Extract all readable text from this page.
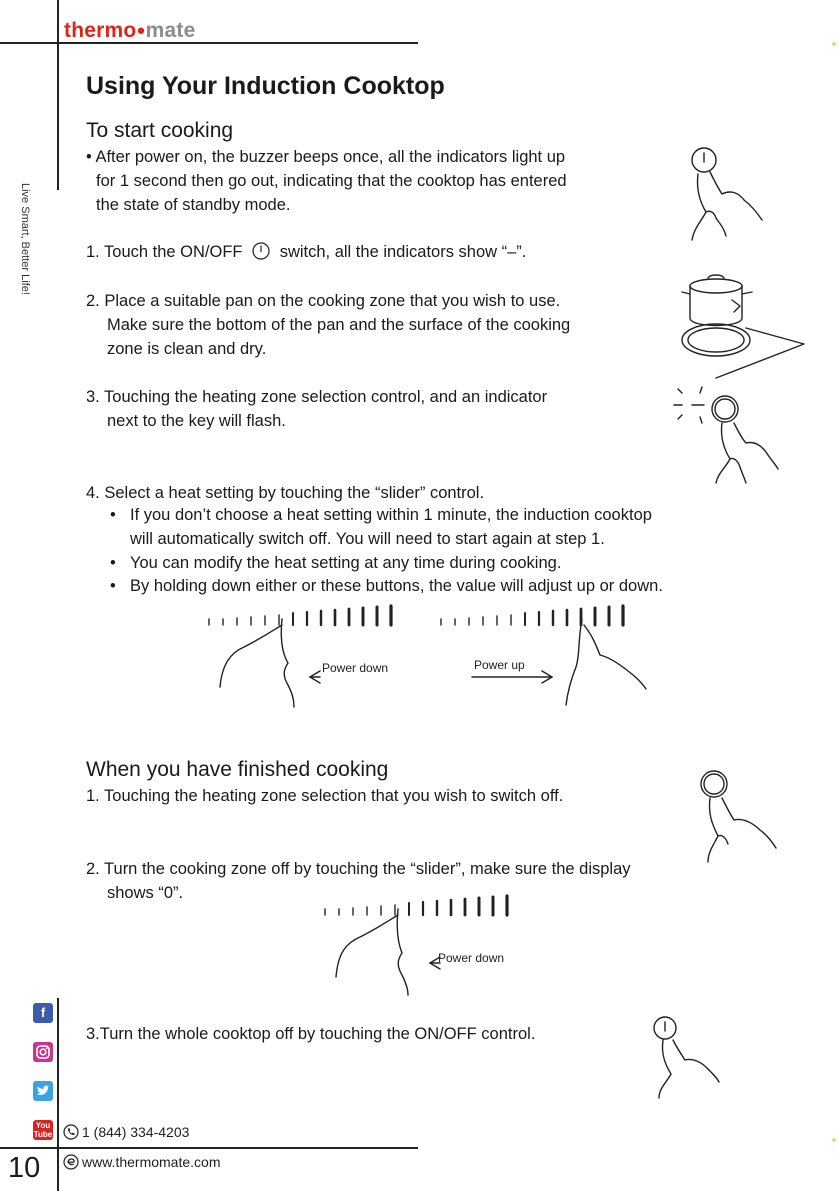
thermo●mate
Live Smart, Better Life!
Using Your Induction Cooktop
To start cooking
• After power on, the buzzer beeps once, all the indicators light up
for 1 second then go out, indicating that the cooktop has entered
the state of standby mode.
1. Touch the ON/OFF switch, all the indicators show “–”.
2. Place a suitable pan on the cooking zone that you wish to use.
Make sure the bottom of the pan and the surface of the cooking
zone is clean and dry.
3. Touching the heating zone selection control, and an indicator
next to the key will flash.
4. Select a heat setting by touching the “slider” control.
• If you don’t choose a heat setting within 1 minute, the induction cooktop
will automatically switch off. You will need to start again at step 1.
• You can modify the heat setting at any time during cooking.
• By holding down either or these buttons, the value will adjust up or down.
Power down	Power up
When you have finished cooking
1. Touching the heating zone selection that you wish to switch off.
2. Turn the cooking zone off by touching the “slider”, make sure the display
shows “0”.
Power down
3.Turn the whole cooktop off by touching the ON/OFF control.
f
You Tube	1 (844) 334-4203
www.thermomate.com
10
